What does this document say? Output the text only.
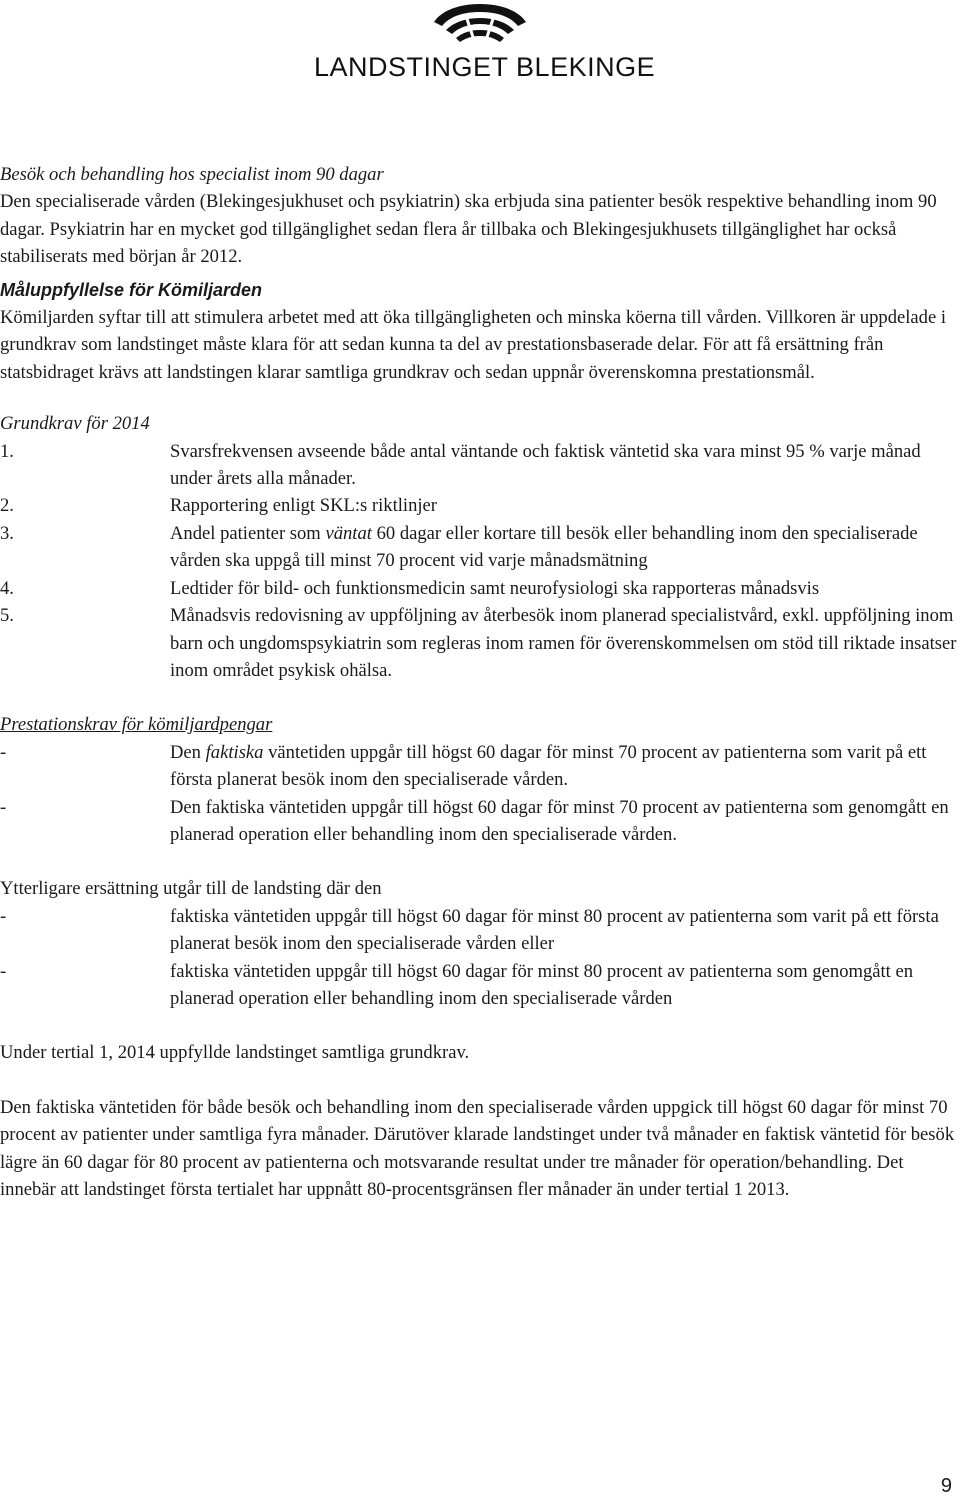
LANDSTINGET BLEKINGE

Besök och behandling hos specialist inom 90 dagar

Den specialiserade vården (Blekingesjukhuset och psykiatrin) ska erbjuda sina patienter besök respektive behandling inom 90 dagar. Psykiatrin har en mycket god tillgänglighet sedan flera år tillbaka och Blekingesjukhusets tillgänglighet har också stabiliserats med början år 2012.

Måluppfyllelse för Kömiljarden

Kömiljarden syftar till att stimulera arbetet med att öka tillgängligheten och minska köerna till vården. Villkoren är uppdelade i grundkrav som landstinget måste klara för att sedan kunna ta del av prestationsbaserade delar. För att få ersättning från statsbidraget krävs att landstingen klarar samtliga grundkrav och sedan uppnår överenskomna prestationsmål.

Grundkrav för 2014

1.	Svarsfrekvensen avseende både antal väntande och faktisk väntetid ska vara minst 95 % varje månad under årets alla månader.
2.	Rapportering enligt SKL:s riktlinjer
3.	Andel patienter som väntat 60 dagar eller kortare till besök eller behandling inom den specialiserade vården ska uppgå till minst 70 procent vid varje månadsmätning
4.	Ledtider för bild- och funktionsmedicin samt neurofysiologi ska rapporteras månadsvis
5.	Månadsvis redovisning av uppföljning av återbesök inom planerad specialistvård, exkl. uppföljning inom barn och ungdomspsykiatrin som regleras inom ramen för överenskommelsen om stöd till riktade insatser inom området psykisk ohälsa.

Prestationskrav för kömiljardpengar

-	Den faktiska väntetiden uppgår till högst 60 dagar för minst 70 procent av patienterna som varit på ett första planerat besök inom den specialiserade vården.
-	Den faktiska väntetiden uppgår till högst 60 dagar för minst 70 procent av patienterna som genomgått en planerad operation eller behandling inom den specialiserade vården.

Ytterligare ersättning utgår till de landsting där den

-	faktiska väntetiden uppgår till högst 60 dagar för minst 80 procent av patienterna som varit på ett första planerat besök inom den specialiserade vården eller
-	faktiska väntetiden uppgår till högst 60 dagar för minst 80 procent av patienterna som genomgått en planerad operation eller behandling inom den specialiserade vården

Under tertial 1, 2014 uppfyllde landstinget samtliga grundkrav.

Den faktiska väntetiden för både besök och behandling inom den specialiserade vården uppgick till högst 60 dagar för minst 70 procent av patienter under samtliga fyra månader. Därutöver klarade landstinget under två månader en faktisk väntetid för besök lägre än 60 dagar för 80 procent av patienterna och motsvarande resultat under tre månader för operation/behandling. Det innebär att landstinget första tertialet har uppnått 80-procentsgränsen fler månader än under tertial 1 2013.

9
